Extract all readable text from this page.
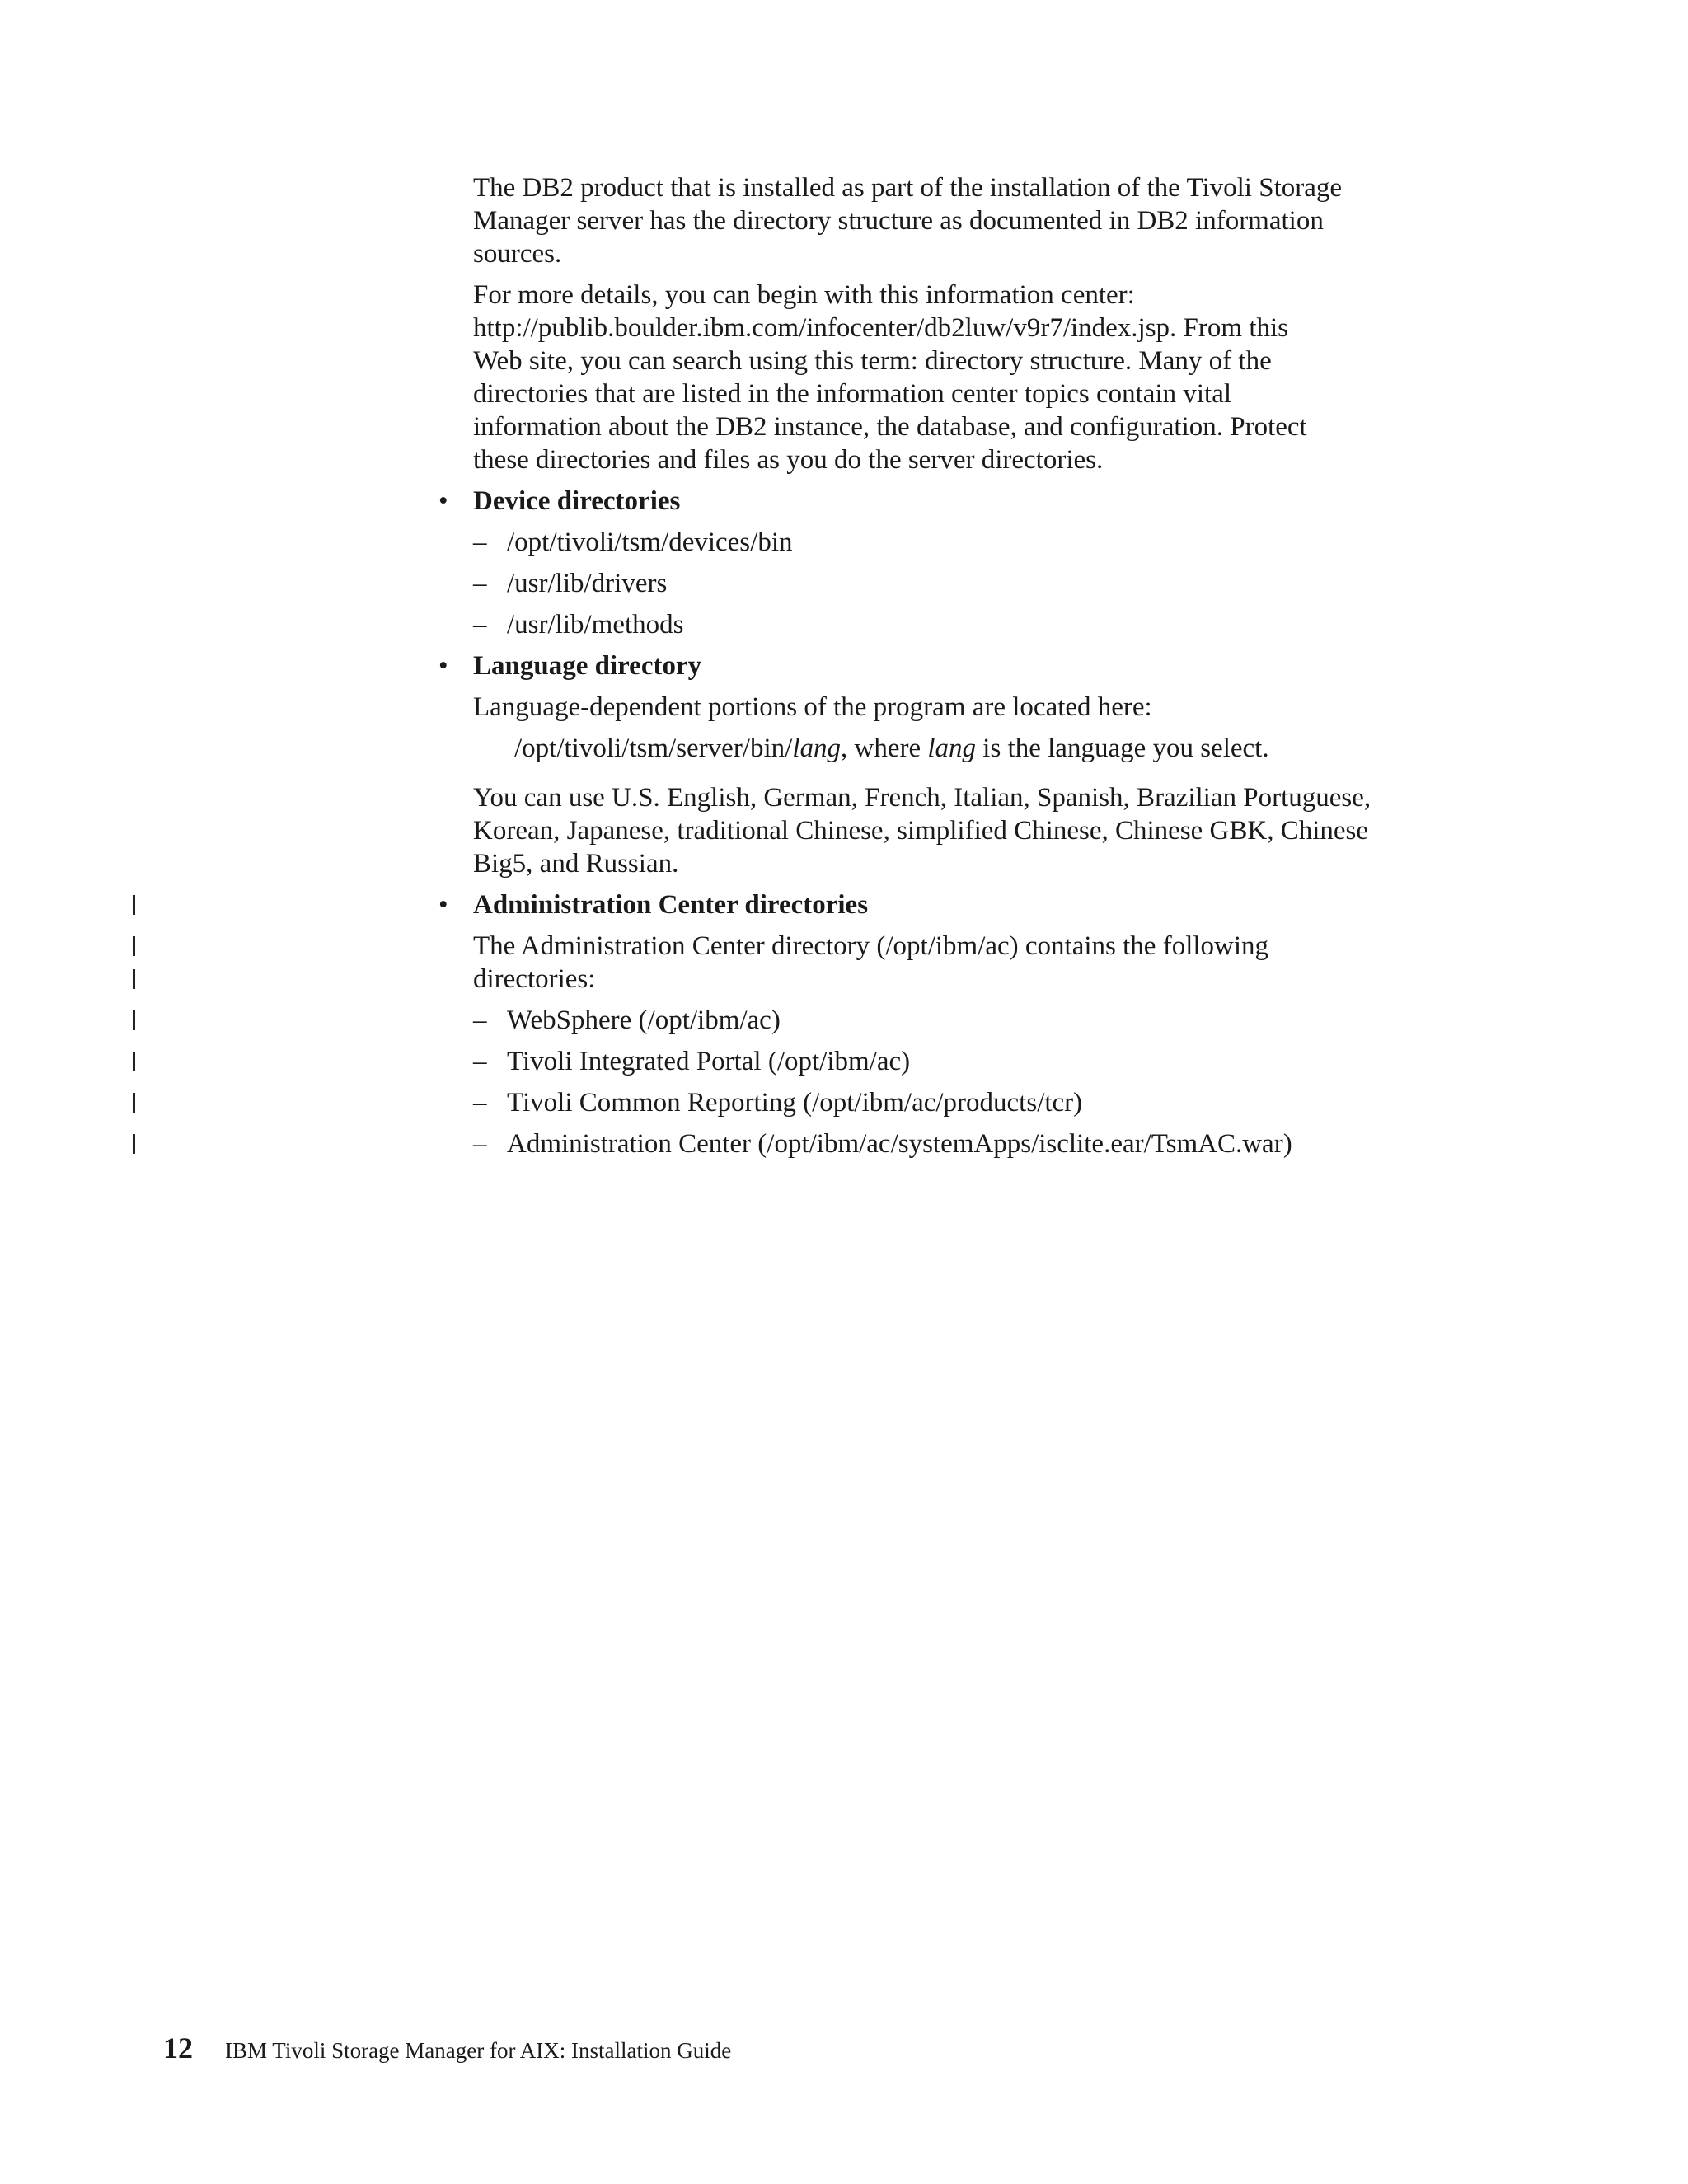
The DB2 product that is installed as part of the installation of the Tivoli Storage
Manager server has the directory structure as documented in DB2 information
sources.
For more details, you can begin with this information center:
http://publib.boulder.ibm.com/infocenter/db2luw/v9r7/index.jsp. From this
Web site, you can search using this term: directory structure. Many of the
directories that are listed in the information center topics contain vital
information about the DB2 instance, the database, and configuration. Protect
these directories and files as you do the server directories.
• Device directories
– /opt/tivoli/tsm/devices/bin
– /usr/lib/drivers
– /usr/lib/methods
• Language directory
Language-dependent portions of the program are located here:
/opt/tivoli/tsm/server/bin/lang, where lang is the language you select.
You can use U.S. English, German, French, Italian, Spanish, Brazilian Portuguese,
Korean, Japanese, traditional Chinese, simplified Chinese, Chinese GBK, Chinese
Big5, and Russian.
• Administration Center directories
The Administration Center directory (/opt/ibm/ac) contains the following
directories:
– WebSphere (/opt/ibm/ac)
– Tivoli Integrated Portal (/opt/ibm/ac)
– Tivoli Common Reporting (/opt/ibm/ac/products/tcr)
– Administration Center (/opt/ibm/ac/systemApps/isclite.ear/TsmAC.war)
12 IBM Tivoli Storage Manager for AIX: Installation Guide
